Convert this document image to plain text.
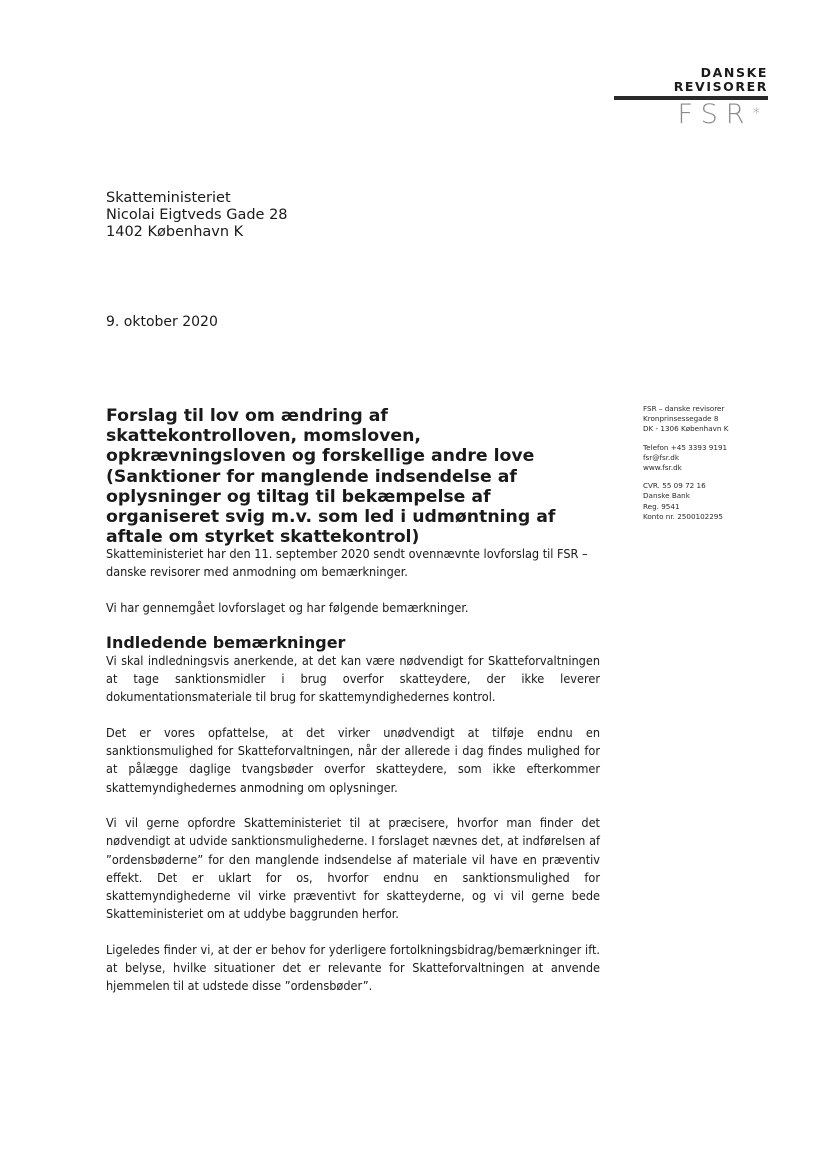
DANSKE
REVISORER
FSR*
Skatteministeriet
Nicolai Eigtveds Gade 28
1402 København K
9. oktober 2020
FSR – danske revisorer
Kronprinsessegade 8
DK - 1306 København K
Telefon +45 3393 9191
fsr@fsr.dk
www.fsr.dk
CVR. 55 09 72 16
Danske Bank
Reg. 9541
Konto nr. 2500102295
Forslag til lov om ændring af skattekontrolloven, momsloven, opkrævningsloven og forskellige andre love (Sanktioner for manglende indsendelse af oplysninger og tiltag til bekæmpelse af organiseret svig m.v. som led i udmøntning af aftale om styrket skattekontrol)

Skatteministeriet har den 11. september 2020 sendt ovennævnte lovforslag til FSR – danske revisorer med anmodning om bemærkninger.

Vi har gennemgået lovforslaget og har følgende bemærkninger.

Indledende bemærkninger

Vi skal indledningsvis anerkende, at det kan være nødvendigt for Skatteforvaltningen at tage sanktionsmidler i brug overfor skatteydere, der ikke leverer dokumentationsmateriale til brug for skattemyndighedernes kontrol.

Det er vores opfattelse, at det virker unødvendigt at tilføje endnu en sanktionsmulighed for Skatteforvaltningen, når der allerede i dag findes mulighed for at pålægge daglige tvangsbøder overfor skatteydere, som ikke efterkommer skattemyndighedernes anmodning om oplysninger.

Vi vil gerne opfordre Skatteministeriet til at præcisere, hvorfor man finder det nødvendigt at udvide sanktionsmulighederne. I forslaget nævnes det, at indførelsen af ”ordensbøderne” for den manglende indsendelse af materiale vil have en præventiv effekt. Det er uklart for os, hvorfor endnu en sanktionsmulighed for skattemyndighederne vil virke præventivt for skatteyderne, og vi vil gerne bede Skatteministeriet om at uddybe baggrunden herfor.

Ligeledes finder vi, at der er behov for yderligere fortolkningsbidrag/bemærkninger ift. at belyse, hvilke situationer det er relevante for Skatteforvaltningen at anvende hjemmelen til at udstede disse ”ordensbøder”.
